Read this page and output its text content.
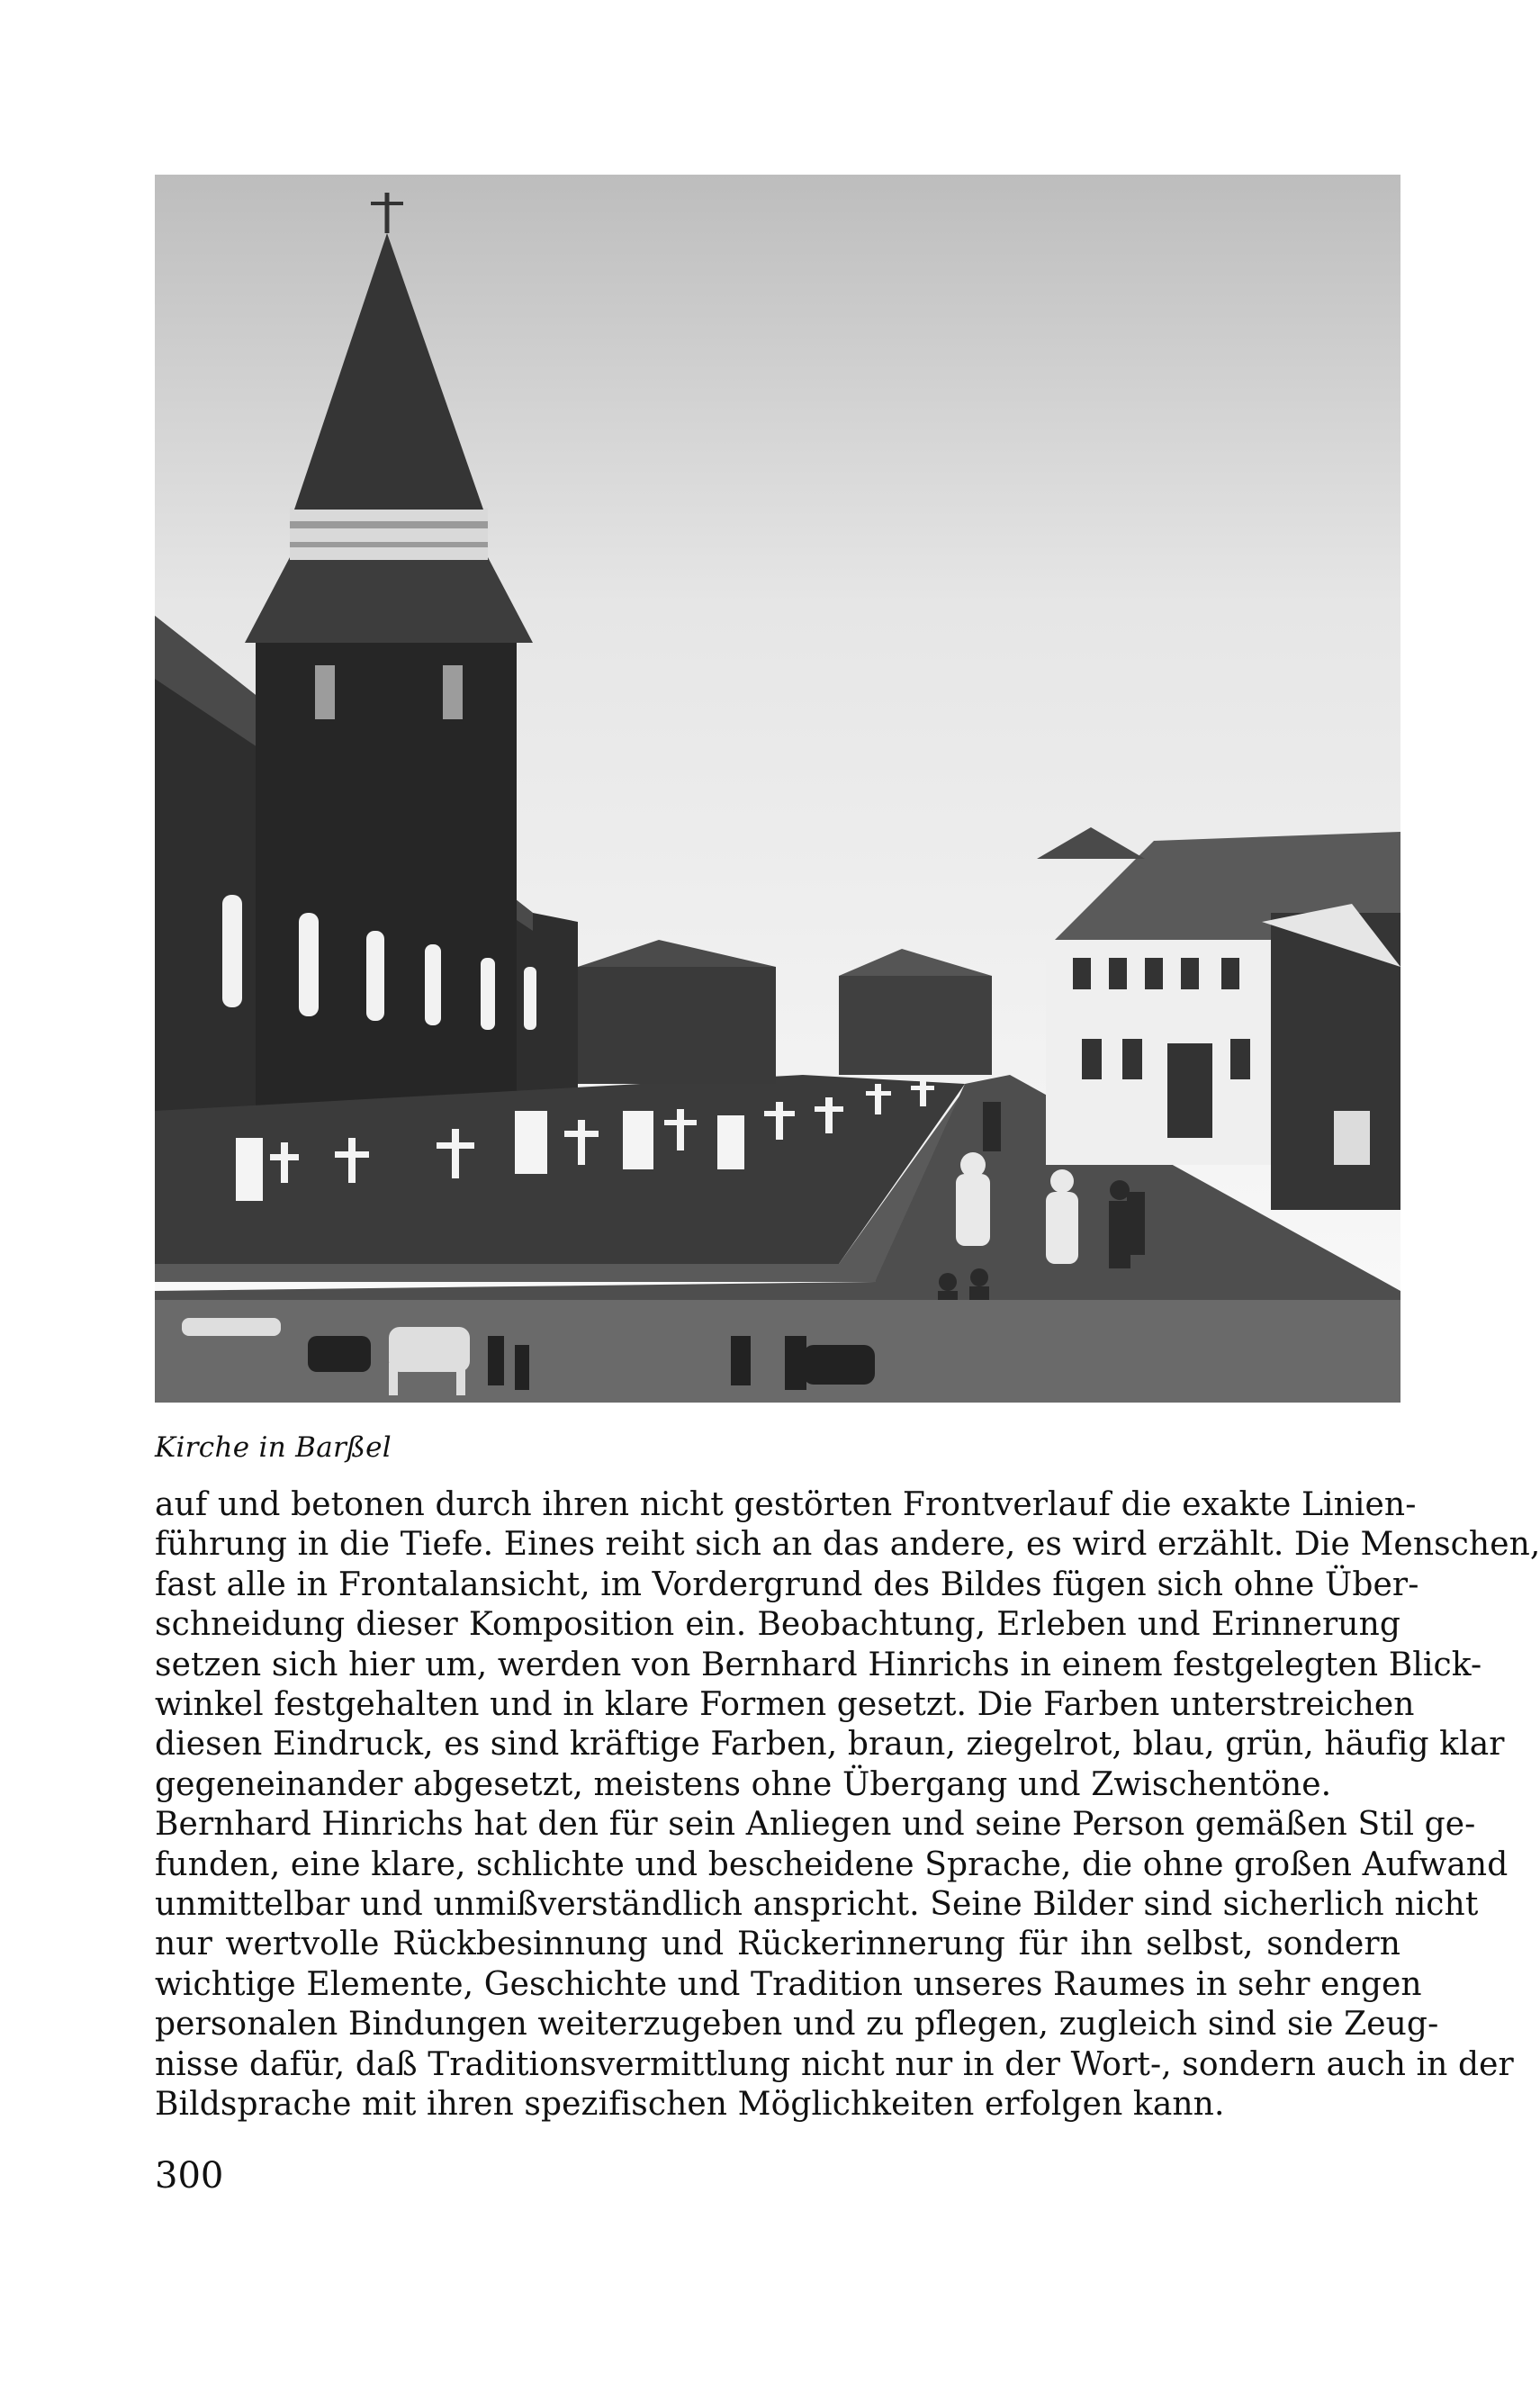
Kirche in Barßel
auf und betonen durch ihren nicht gestörten Frontverlauf die exakte Linien-
führung in die Tiefe. Eines reiht sich an das andere, es wird erzählt. Die Menschen,
fast alle in Frontalansicht, im Vordergrund des Bildes fügen sich ohne Über-
schneidung dieser Komposition ein. Beobachtung, Erleben und Erinnerung
setzen sich hier um, werden von Bernhard Hinrichs in einem festgelegten Blick-
winkel festgehalten und in klare Formen gesetzt. Die Farben unterstreichen
diesen Eindruck, es sind kräftige Farben, braun, ziegelrot, blau, grün, häufig klar
gegeneinander abgesetzt, meistens ohne Übergang und Zwischentöne.
Bernhard Hinrichs hat den für sein Anliegen und seine Person gemäßen Stil ge-
funden, eine klare, schlichte und bescheidene Sprache, die ohne großen Aufwand
unmittelbar und unmißverständlich anspricht. Seine Bilder sind sicherlich nicht
nur wertvolle Rückbesinnung und Rückerinnerung für ihn selbst, sondern
wichtige Elemente, Geschichte und Tradition unseres Raumes in sehr engen
personalen Bindungen weiterzugeben und zu pflegen, zugleich sind sie Zeug-
nisse dafür, daß Traditionsvermittlung nicht nur in der Wort-, sondern auch in der
Bildsprache mit ihren spezifischen Möglichkeiten erfolgen kann.
300
